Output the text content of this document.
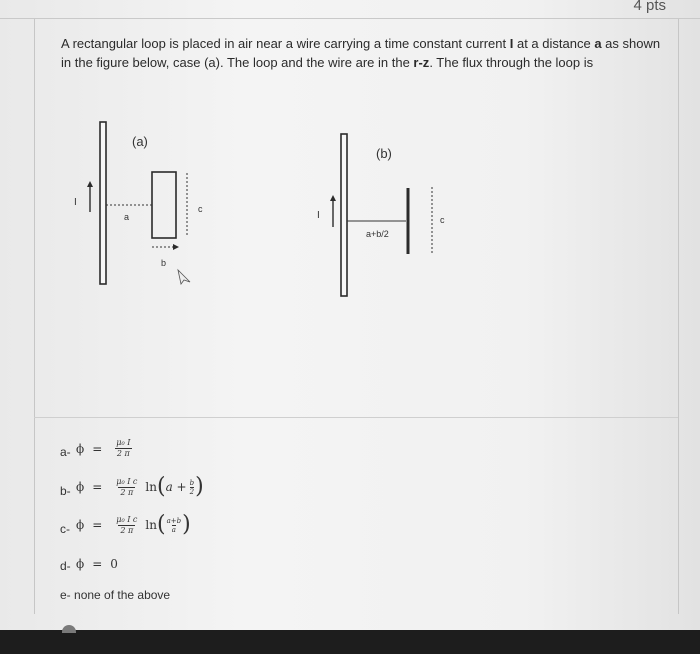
4 pts

A rectangular loop is placed in air near a wire carrying a time constant current I at a distance a as shown in the figure below, case (a). The loop and the wire are in the r-z. The flux through the loop is

I
a
b
c
(a)
I
a+b/2
c
(b)
a- $\phi = \frac{\text{μ₀ I}}{2 \pi}$
b- $\phi = \frac{\text{μ₀ I c}}{2 \pi}$ ln ( $a + \frac{b}{2}$ )
c- $\phi = \frac{\text{μ₀ I c}}{2 \pi}$ ln ( $\frac{a+b}{a}$ )
d- ϕ = 0
e- none of the above
